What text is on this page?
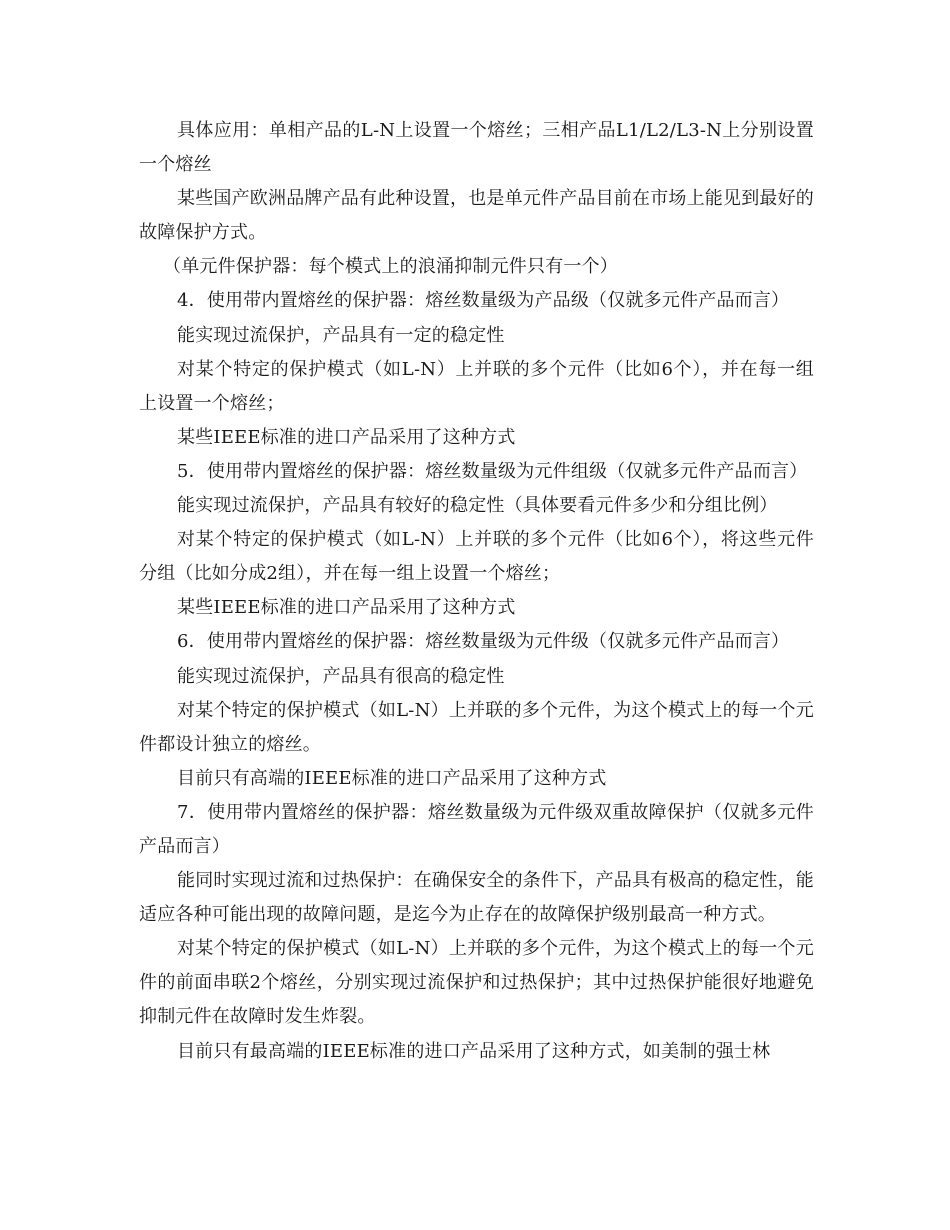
具体应用：单相产品的L-N上设置一个熔丝；三相产品L1/L2/L3-N上分别设置一个熔丝

某些国产欧洲品牌产品有此种设置，也是单元件产品目前在市场上能见到最好的故障保护方式。

（单元件保护器：每个模式上的浪涌抑制元件只有一个）

4．使用带内置熔丝的保护器：熔丝数量级为产品级（仅就多元件产品而言）

能实现过流保护，产品具有一定的稳定性

对某个特定的保护模式（如L-N）上并联的多个元件（比如6个），并在每一组上设置一个熔丝；

某些IEEE标准的进口产品采用了这种方式

5．使用带内置熔丝的保护器：熔丝数量级为元件组级（仅就多元件产品而言）

能实现过流保护，产品具有较好的稳定性（具体要看元件多少和分组比例）

对某个特定的保护模式（如L-N）上并联的多个元件（比如6个），将这些元件分组（比如分成2组），并在每一组上设置一个熔丝；

某些IEEE标准的进口产品采用了这种方式

6．使用带内置熔丝的保护器：熔丝数量级为元件级（仅就多元件产品而言）

能实现过流保护，产品具有很高的稳定性

对某个特定的保护模式（如L-N）上并联的多个元件，为这个模式上的每一个元件都设计独立的熔丝。

目前只有高端的IEEE标准的进口产品采用了这种方式

7．使用带内置熔丝的保护器：熔丝数量级为元件级双重故障保护（仅就多元件产品而言）

能同时实现过流和过热保护：在确保安全的条件下，产品具有极高的稳定性，能适应各种可能出现的故障问题，是迄今为止存在的故障保护级别最高一种方式。

对某个特定的保护模式（如L-N）上并联的多个元件，为这个模式上的每一个元件的前面串联2个熔丝，分别实现过流保护和过热保护；其中过热保护能很好地避免抑制元件在故障时发生炸裂。

目前只有最高端的IEEE标准的进口产品采用了这种方式，如美制的强士林
